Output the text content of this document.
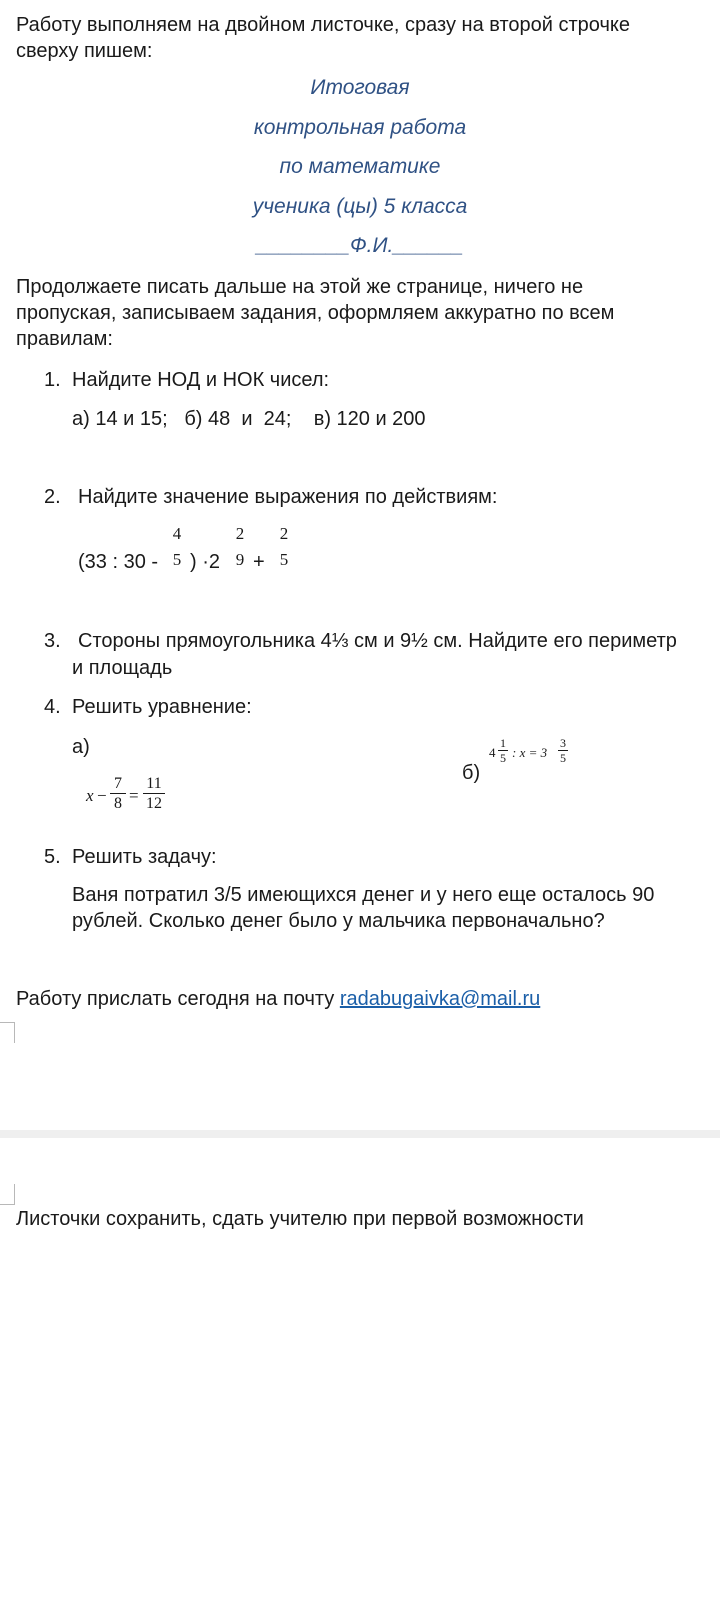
Работу выполняем на двойном листочке, сразу на второй строчке
сверху пишем:
Итоговая
контрольная работа
по математике
ученика (цы) 5 класса
________Ф.И.______
Продолжаете писать дальше на этой же странице, ничего не
пропуская, записываем задания, оформляем аккуратно по всем
правилам:
1. Найдите НОД и НОК чисел:
а) 14 и 15;   б) 48  и  24;    в) 120 и 200
2. Найдите значение выражения по действиям:
(33 : 30 -
4
5 ) ·2
2
9 +
2
5
3. Стороны прямоугольника 4⅓ см и 9½ см. Найдите его периметр
и площадь
4. Решить уравнение:
а)
x −
7
8 =
11
12
б)
4
1
5 : x = 3
3
5
5. Решить задачу:
Ваня потратил 3/5 имеющихся денег и у него еще осталось 90
рублей. Сколько денег было у мальчика первоначально?
Работу прислать сегодня на почту radabugaivka@mail.ru
Листочки сохранить, сдать учителю при первой возможности
